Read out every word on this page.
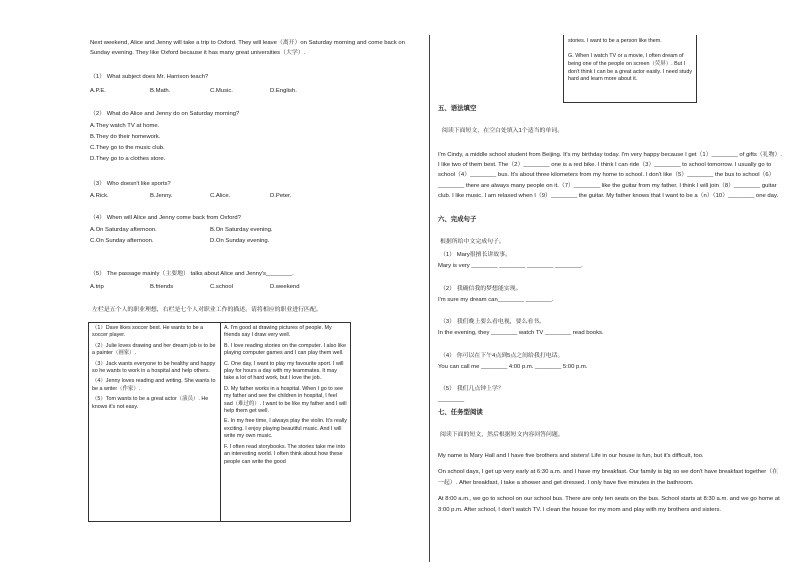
Next weekend, Alice and Jenny will take a trip to Oxford. They will leave（离开）on Saturday morning and come back on Sunday evening. They like Oxford because it has many great universities（大学）.
（1） What subject does Mr. Harrison teach?
A.P.E.	B.Math.	C.Music.	D.English.
（2） What do Alice and Jenny do on Saturday morning?
A.They watch TV at home.
B.They do their homework.
C.They go to the music club.
D.They go to a clothes store.
（3） Who doesn't like sports?
A.Rick.	B.Jenny.	C.Alice.	D.Peter.
（4） When will Alice and Jenny come back from Oxford?
A.On Saturday afternoon.	B.On Saturday evening.
C.On Sunday afternoon.	D.On Sunday evening.
（5） The passage mainly（主要地） talks about Alice and Jenny's________.
A.trip	B.friends	C.school	D.weekend
左栏是五个人的职业理想，右栏是七个人对职业工作的描述。请将相应的职业进行匹配。

（1）Dave likes soccer best. He wants to be a soccer player.

（2）Julie loves drawing and her dream job is to be a painter（画家）.

（3）Jack wants everyone to be healthy and happy so he wants to work in a hospital and help others.

（4）Jenny loves reading and writing. She wants to be a writer（作家）.

（5）Tom wants to be a great actor（演员）. He knows it's not easy.

A. I'm good at drawing pictures of people. My friends say I draw very well.

B. I love reading stories on the computer. I also like playing computer games and I can play them well.

C. One day, I want to play my favourite sport. I will play for hours a day with my teammates. It may take a lot of hard work, but I love the job.

D. My father works in a hospital. When I go to see my father and see the children in hospital, I feel sad（难过的）. I want to be like my father and I will help them get well.

E. In my free time, I always play the violin. It's really exciting. I enjoy playing beautiful music. And I will write my own music.

F. I often read storybooks. The stories take me into an interesting world. I often think about how these people can write the good

stories. I want to be a person like them.
G. When I watch TV or a movie, I often dream of being one of the people on screen（荧屏）. But I don't think I can be a great actor easily. I need study hard and learn more about it.
五、语法填空
阅读下面短文，在空白处填入1个适当的单词。
I'm Cindy, a middle school student from Beijing. It's my birthday today. I'm very happy because I get（1）________ of gifts（礼物）. I like two of them best. The（2）________ one is a red bike. I think I can ride（3）________ to school tomorrow. I usually go to school（4）________ bus. It's about three kilometers from my home to school. I don't like（5）________ the bus to school（6）________ there are always many people on it.（7）________ like the guitar from my father. I think I will join（8）________ guitar club. I like music. I am relaxed when I（9）________ the guitar. My father knows that I want to be a（n）（10）________ one day.
六、完成句子
根据所给中文完成句子。
（1） Mary很擅长讲故事。
Mary is very ________ ________ ________ ________.
（2） 我确信我的梦想能实现。
I'm sure my dream can________ ________.
（3） 我们晚上要么看电视，要么看书。
In the evening, they ________ watch TV ________ read books.
（4） 你可以在下午4点到5点之间给我打电话。
You can call me ________ 4:00 p.m. ________ 5:00 p.m.
（5） 我们几点钟上学？
________
七、任务型阅读
阅读下面的短文，然后根据短文内容回答问题。
My name is Mary Hall and I have five brothers and sisters! Life in our house is fun, but it's difficult, too.
On school days, I get up very early at 6:30 a.m. and I have my breakfast. Our family is big so we don't have breakfast together（在一起）. After breakfast, I take a shower and get dressed. I only have five minutes in the bathroom.
At 8:00 a.m., we go to school on our school bus. There are only ten seats on the bus. School starts at 8:30 a.m. and we go home at 3:00 p.m. After school, I don't watch TV. I clean the house for my mom and play with my brothers and sisters.
